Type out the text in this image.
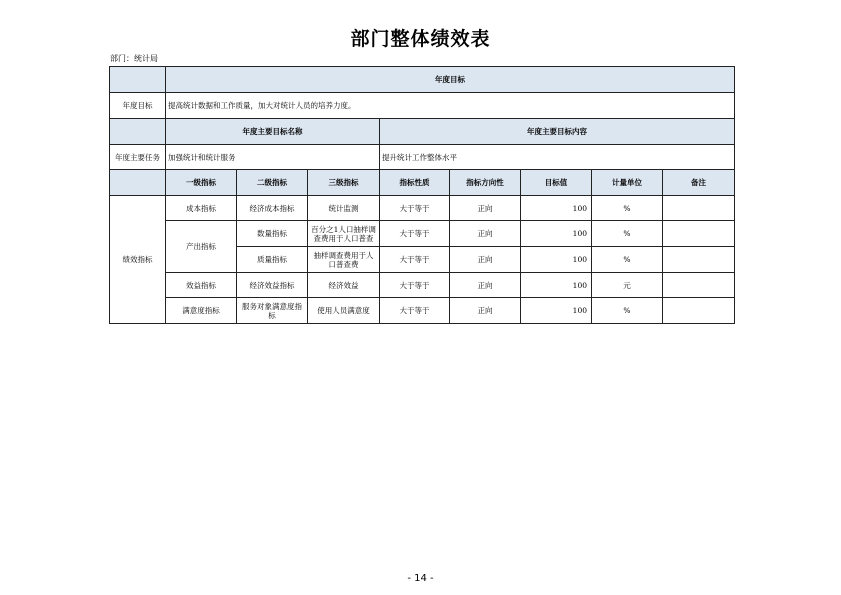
部门整体绩效表
部门：统计局
	年度目标							
年度目标	提高统计数据和工作质量，加大对统计人员的培养力度。							
	年度主要目标名称			年度主要目标内容				
年度主要任务	加强统计和统计服务			提升统计工作整体水平				
	一级指标	二级指标	三级指标	指标性质	指标方向性	目标值	计量单位	备注
绩效指标	成本指标	经济成本指标	统计监测	大于等于	正向	100	%	
	产出指标	数量指标	百分之1人口抽样调查费用于人口普查	大于等于	正向	100	%	
		质量指标	抽样调查费用于人口普查费	大于等于	正向	100	%	
	效益指标	经济效益指标	经济效益	大于等于	正向	100	元	
	满意度指标	服务对象满意度指标	使用人员满意度	大于等于	正向	100	%	
- 14 -
